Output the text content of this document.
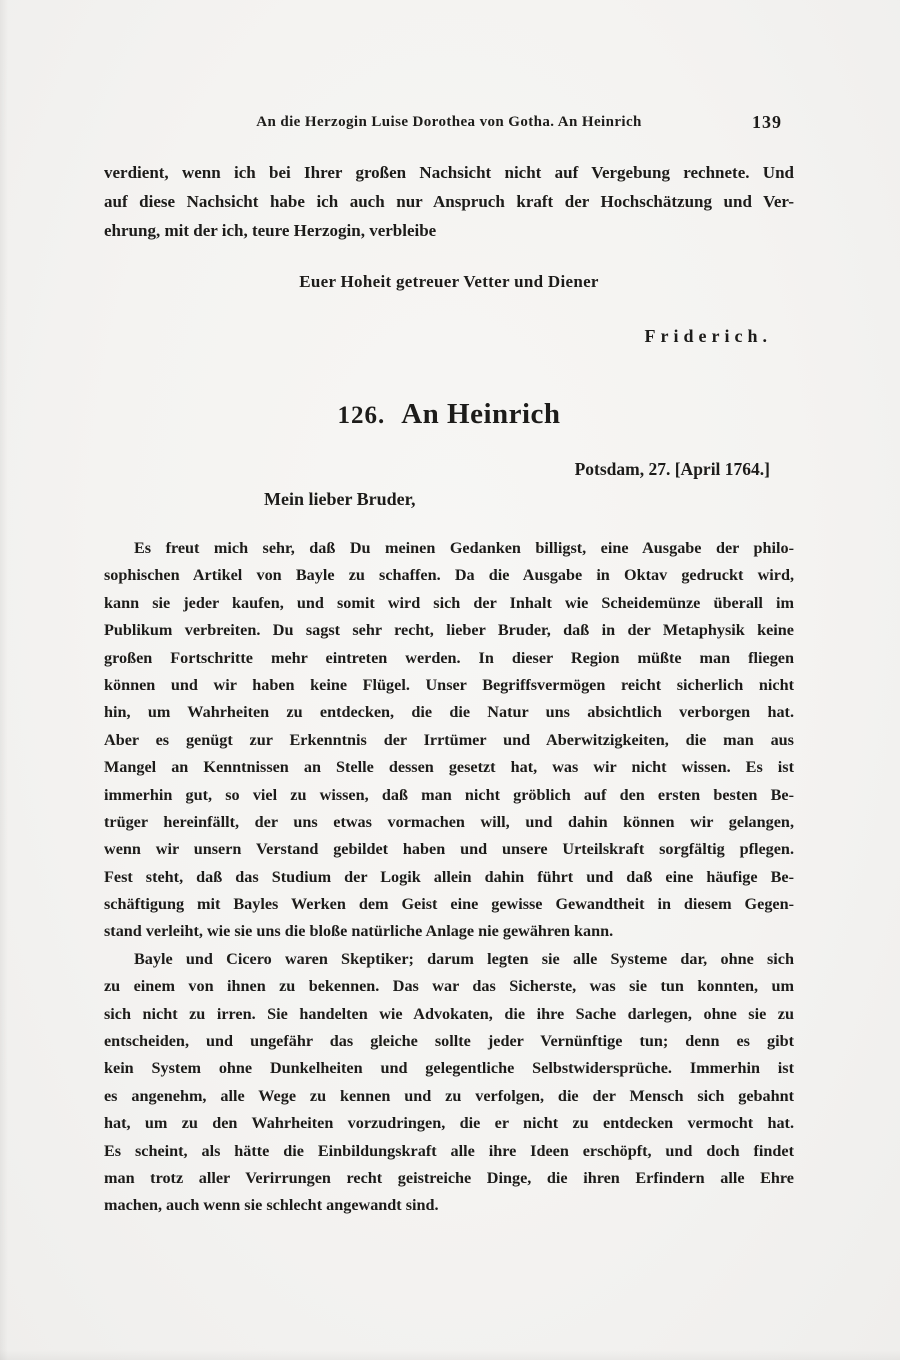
An die Herzogin Luise Dorothea von Gotha. An Heinrich	139
verdient, wenn ich bei Ihrer großen Nachsicht nicht auf Vergebung rechnete. Und
auf diese Nachsicht habe ich auch nur Anspruch kraft der Hochschätzung und Ver-
ehrung, mit der ich, teure Herzogin, verbleibe
Euer Hoheit getreuer Vetter und Diener
Friderich.
126. An Heinrich
Potsdam, 27. [April 1764.]
Mein lieber Bruder,
Es freut mich sehr, daß Du meinen Gedanken billigst, eine Ausgabe der philo-
sophischen Artikel von Bayle zu schaffen. Da die Ausgabe in Oktav gedruckt wird,
kann sie jeder kaufen, und somit wird sich der Inhalt wie Scheidemünze überall im
Publikum verbreiten. Du sagst sehr recht, lieber Bruder, daß in der Metaphysik keine
großen Fortschritte mehr eintreten werden. In dieser Region müßte man fliegen
können und wir haben keine Flügel. Unser Begriffsvermögen reicht sicherlich nicht
hin, um Wahrheiten zu entdecken, die die Natur uns absichtlich verborgen hat.
Aber es genügt zur Erkenntnis der Irrtümer und Aberwitzigkeiten, die man aus
Mangel an Kenntnissen an Stelle dessen gesetzt hat, was wir nicht wissen. Es ist
immerhin gut, so viel zu wissen, daß man nicht gröblich auf den ersten besten Be-
trüger hereinfällt, der uns etwas vormachen will, und dahin können wir gelangen,
wenn wir unsern Verstand gebildet haben und unsere Urteilskraft sorgfältig pflegen.
Fest steht, daß das Studium der Logik allein dahin führt und daß eine häufige Be-
schäftigung mit Bayles Werken dem Geist eine gewisse Gewandtheit in diesem Gegen-
stand verleiht, wie sie uns die bloße natürliche Anlage nie gewähren kann.
Bayle und Cicero waren Skeptiker; darum legten sie alle Systeme dar, ohne sich
zu einem von ihnen zu bekennen. Das war das Sicherste, was sie tun konnten, um
sich nicht zu irren. Sie handelten wie Advokaten, die ihre Sache darlegen, ohne sie zu
entscheiden, und ungefähr das gleiche sollte jeder Vernünftige tun; denn es gibt
kein System ohne Dunkelheiten und gelegentliche Selbstwidersprüche. Immerhin ist
es angenehm, alle Wege zu kennen und zu verfolgen, die der Mensch sich gebahnt
hat, um zu den Wahrheiten vorzudringen, die er nicht zu entdecken vermocht hat.
Es scheint, als hätte die Einbildungskraft alle ihre Ideen erschöpft, und doch findet
man trotz aller Verirrungen recht geistreiche Dinge, die ihren Erfindern alle Ehre
machen, auch wenn sie schlecht angewandt sind.
